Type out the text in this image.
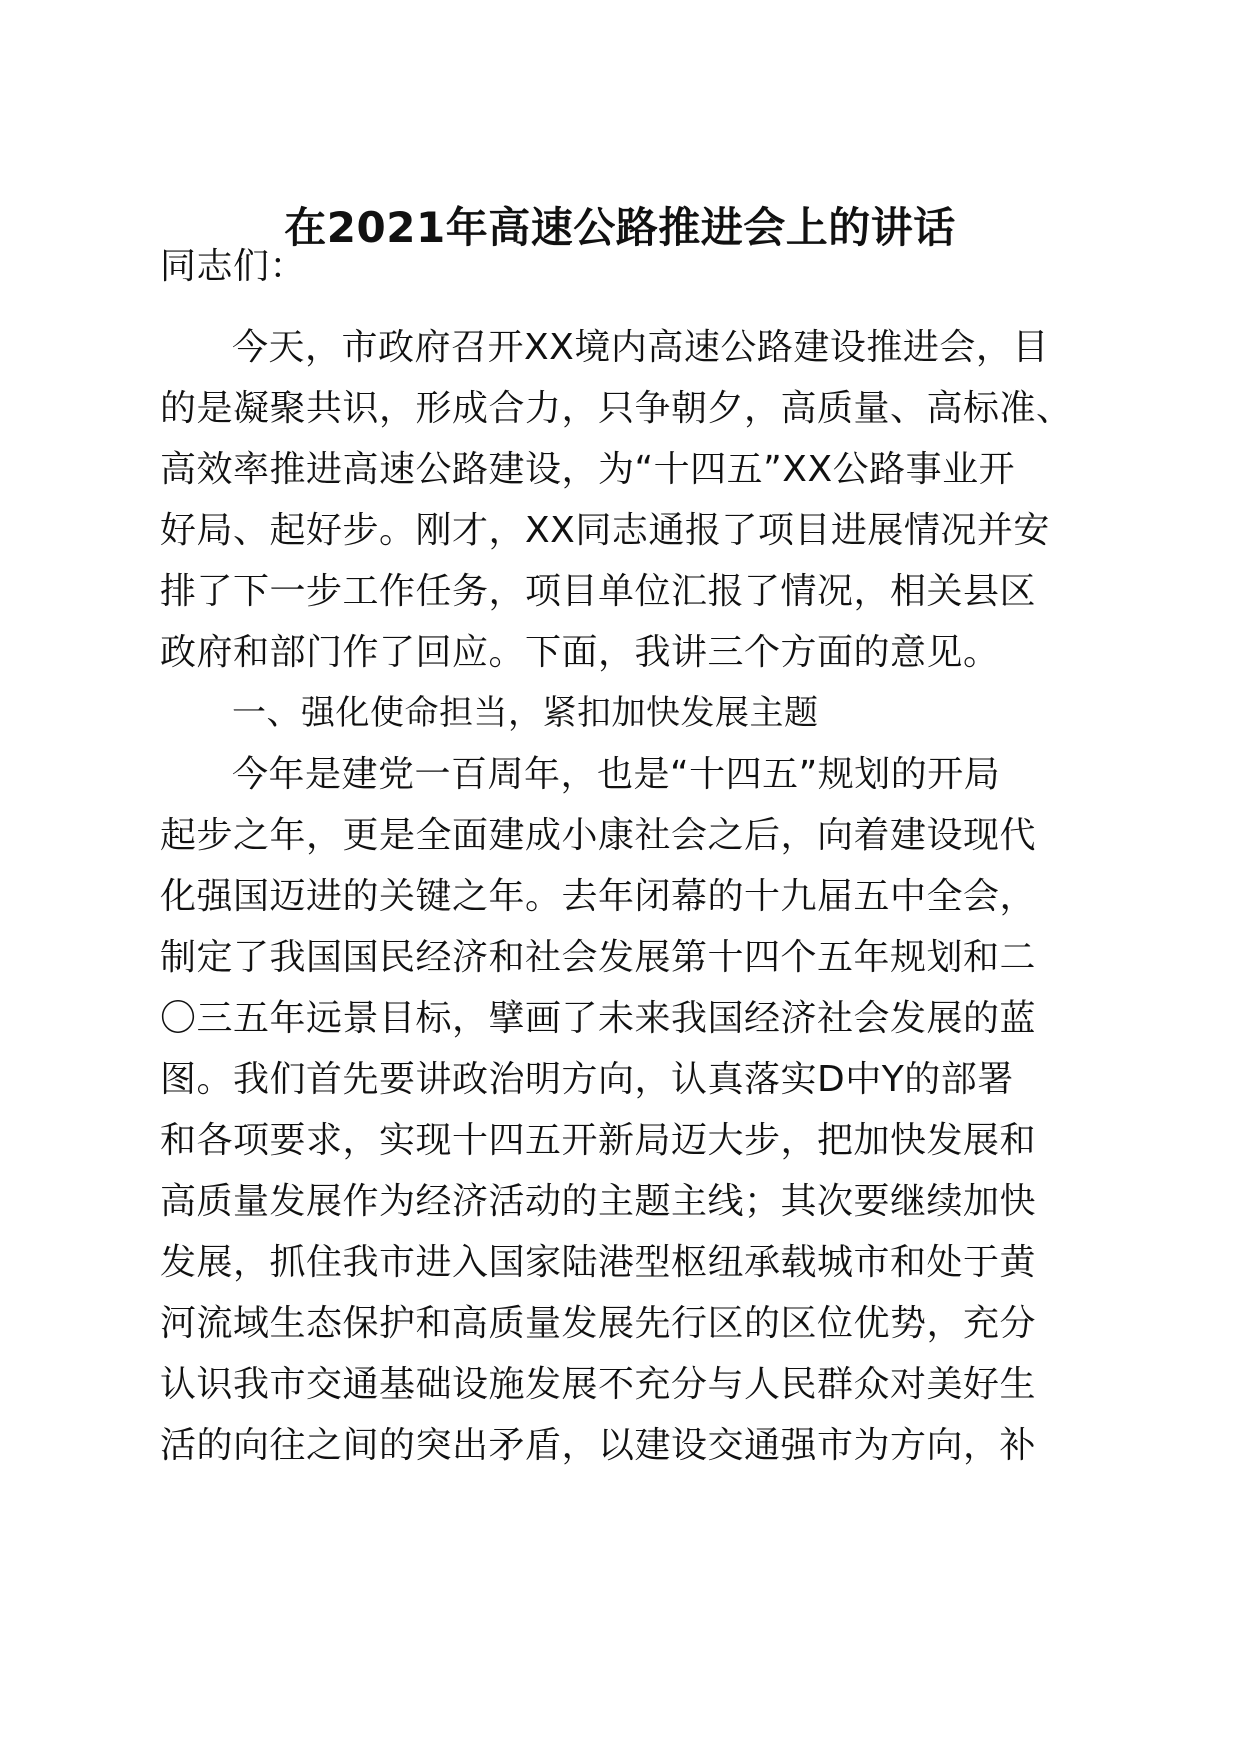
在2021年高速公路推进会上的讲话
同志们：
今天，市政府召开XX境内高速公路建设推进会，目
的是凝聚共识，形成合力，只争朝夕，高质量、高标准、
高效率推进高速公路建设，为“十四五”XX公路事业开
好局、起好步。刚才，XX同志通报了项目进展情况并安
排了下一步工作任务，项目单位汇报了情况，相关县区
政府和部门作了回应。下面，我讲三个方面的意见。
一、强化使命担当，紧扣加快发展主题
今年是建党一百周年，也是“十四五”规划的开局
起步之年，更是全面建成小康社会之后，向着建设现代
化强国迈进的关键之年。去年闭幕的十九届五中全会，
制定了我国国民经济和社会发展第十四个五年规划和二
〇三五年远景目标，擘画了未来我国经济社会发展的蓝
图。我们首先要讲政治明方向，认真落实D中Y的部署
和各项要求，实现十四五开新局迈大步，把加快发展和
高质量发展作为经济活动的主题主线；其次要继续加快
发展，抓住我市进入国家陆港型枢纽承载城市和处于黄
河流域生态保护和高质量发展先行区的区位优势，充分
认识我市交通基础设施发展不充分与人民群众对美好生
活的向往之间的突出矛盾，以建设交通强市为方向，补
